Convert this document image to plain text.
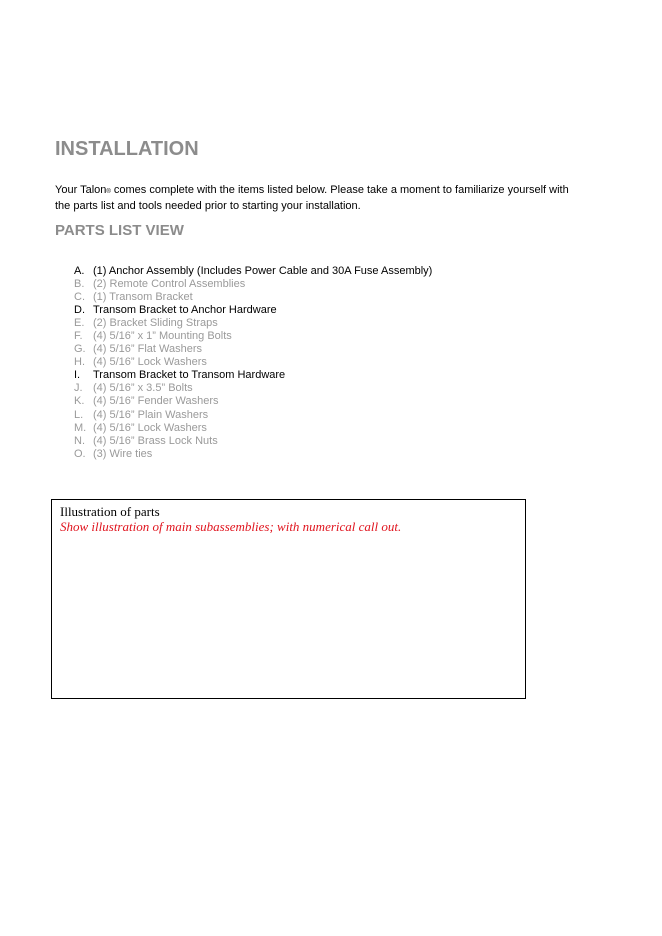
INSTALLATION

Your Talon® comes complete with the items listed below. Please take a moment to familiarize yourself with
the parts list and tools needed prior to starting your installation.

PARTS LIST VIEW
A. (1) Anchor Assembly (Includes Power Cable and 30A Fuse Assembly)
B. (2) Remote Control Assemblies
C. (1) Transom Bracket
D. Transom Bracket to Anchor Hardware
E. (2) Bracket Sliding Straps
F. (4) 5/16” x 1” Mounting Bolts
G. (4) 5/16” Flat Washers
H. (4) 5/16” Lock Washers
I. Transom Bracket to Transom Hardware
J. (4) 5/16” x 3.5” Bolts
K. (4) 5/16” Fender Washers
L. (4) 5/16” Plain Washers
M. (4) 5/16” Lock Washers
N. (4) 5/16” Brass Lock Nuts
O. (3) Wire ties
Illustration of parts
Show illustration of main subassemblies; with numerical call out.
